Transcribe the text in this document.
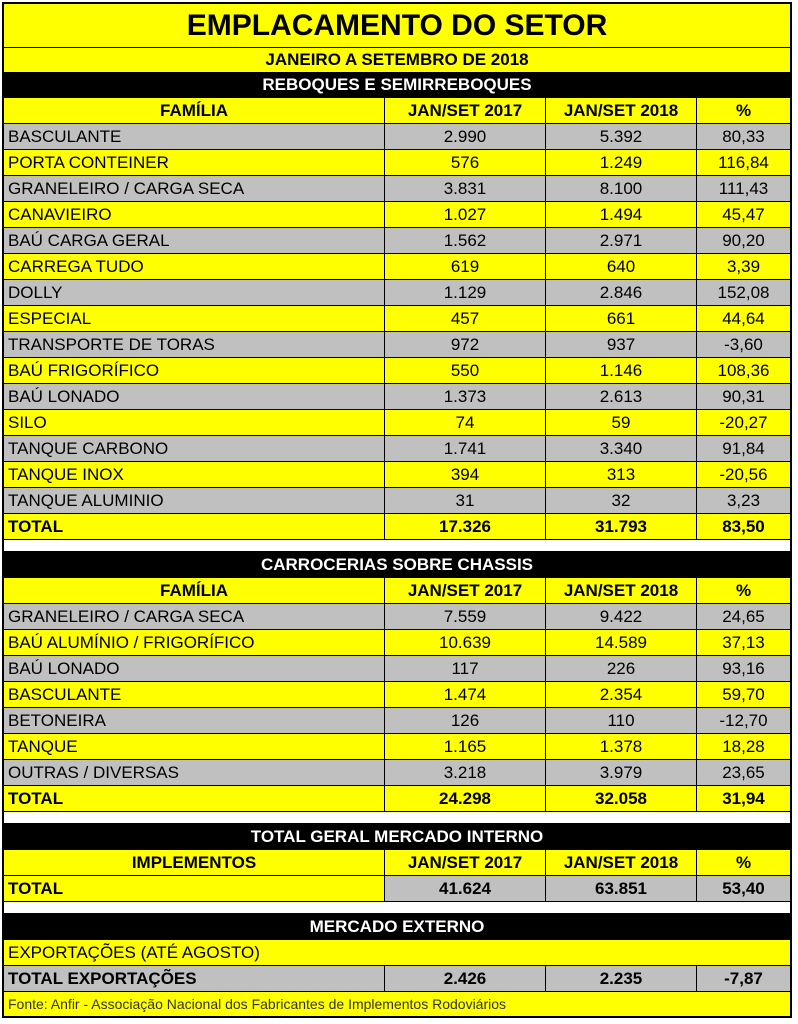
EMPLACAMENTO DO SETOR
JANEIRO A SETEMBRO DE 2018
REBOQUES E SEMIRREBOQUES
FAMÍLIA	JAN/SET 2017	JAN/SET 2018	%
BASCULANTE	2.990	5.392	80,33
PORTA CONTEINER	576	1.249	116,84
GRANELEIRO / CARGA SECA	3.831	8.100	111,43
CANAVIEIRO	1.027	1.494	45,47
BAÚ CARGA GERAL	1.562	2.971	90,20
CARREGA TUDO	619	640	3,39
DOLLY	1.129	2.846	152,08
ESPECIAL	457	661	44,64
TRANSPORTE DE TORAS	972	937	-3,60
BAÚ FRIGORÍFICO	550	1.146	108,36
BAÚ LONADO	1.373	2.613	90,31
SILO	74	59	-20,27
TANQUE CARBONO	1.741	3.340	91,84
TANQUE INOX	394	313	-20,56
TANQUE ALUMINIO	31	32	3,23
TOTAL	17.326	31.793	83,50
CARROCERIAS SOBRE CHASSIS
FAMÍLIA	JAN/SET 2017	JAN/SET 2018	%
GRANELEIRO / CARGA SECA	7.559	9.422	24,65
BAÚ ALUMÍNIO / FRIGORÍFICO	10.639	14.589	37,13
BAÚ LONADO	117	226	93,16
BASCULANTE	1.474	2.354	59,70
BETONEIRA	126	110	-12,70
TANQUE	1.165	1.378	18,28
OUTRAS / DIVERSAS	3.218	3.979	23,65
TOTAL	24.298	32.058	31,94
TOTAL GERAL MERCADO INTERNO
IMPLEMENTOS	JAN/SET 2017	JAN/SET 2018	%
TOTAL	41.624	63.851	53,40
MERCADO EXTERNO
EXPORTAÇÕES (ATÉ AGOSTO)
TOTAL EXPORTAÇÕES	2.426	2.235	-7,87
Fonte: Anfir - Associação Nacional dos Fabricantes de Implementos Rodoviários
